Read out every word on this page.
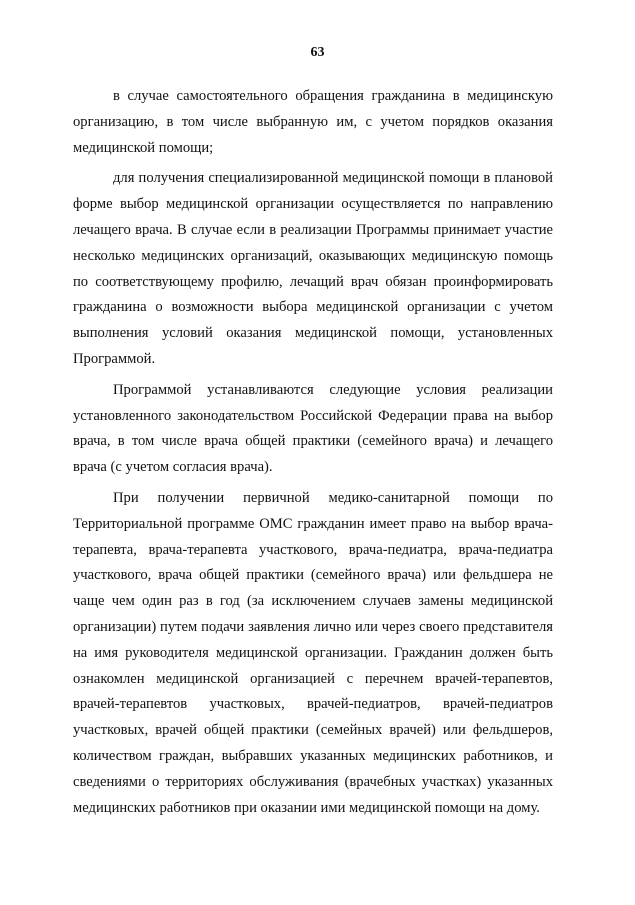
63

в случае самостоятельного обращения гражданина в медицинскую организацию, в том числе выбранную им, с учетом порядков оказания медицинской помощи;

для получения специализированной медицинской помощи в плановой форме выбор медицинской организации осуществляется по направлению лечащего врача. В случае если в реализации Программы принимает участие несколько медицинских организаций, оказывающих медицинскую помощь по соответствующему профилю, лечащий врач обязан проинформировать гражданина о возможности выбора медицинской организации с учетом выполнения условий оказания медицинской помощи, установленных Программой.

Программой устанавливаются следующие условия реализации установленного законодательством Российской Федерации права на выбор врача, в том числе врача общей практики (семейного врача) и лечащего врача (с учетом согласия врача).

При получении первичной медико-санитарной помощи по Территориальной программе ОМС гражданин имеет право на выбор врача-терапевта, врача-терапевта участкового, врача-педиатра, врача-педиатра участкового, врача общей практики (семейного врача) или фельдшера не чаще чем один раз в год (за исключением случаев замены медицинской организации) путем подачи заявления лично или через своего представителя на имя руководителя медицинской организации. Гражданин должен быть ознакомлен медицинской организацией с перечнем врачей-терапевтов, врачей-терапевтов участковых, врачей-педиатров, врачей-педиатров участковых, врачей общей практики (семейных врачей) или фельдшеров, количеством граждан, выбравших указанных медицинских работников, и сведениями о территориях обслуживания (врачебных участках) указанных медицинских работников при оказании ими медицинской помощи на дому.
